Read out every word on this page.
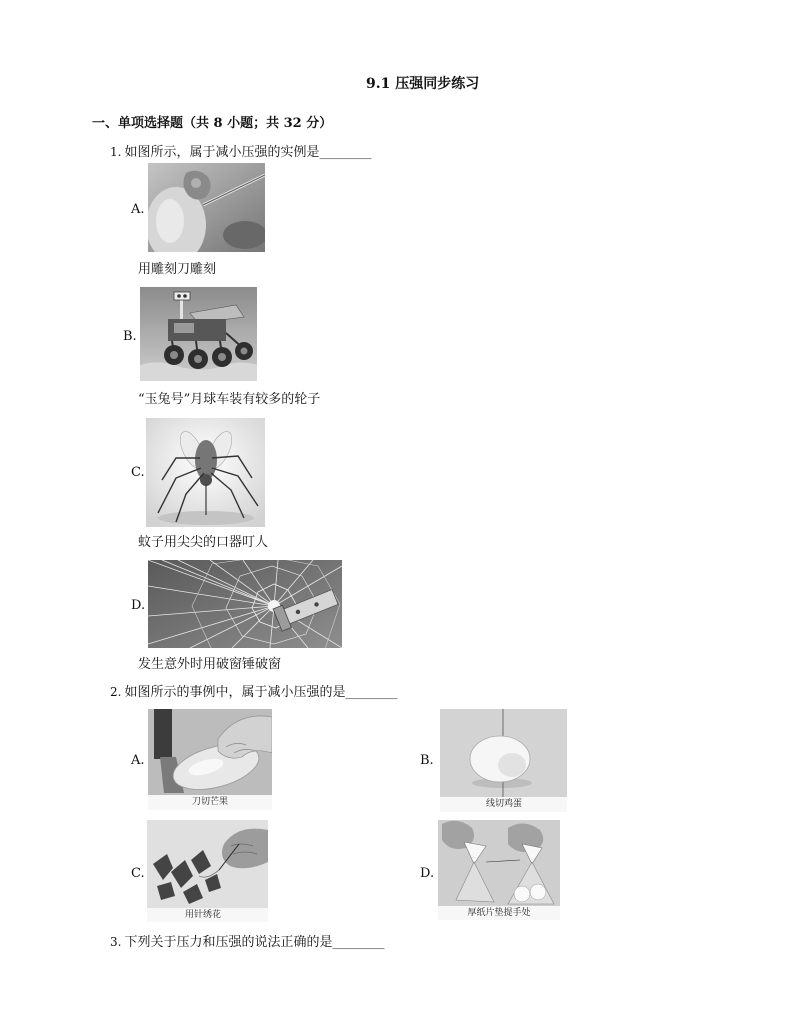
9.1 压强同步练习
一、单项选择题（共 8 小题；共 32 分）
1. 如图所示，属于减小压强的实例是________
A.
用雕刻刀雕刻
B.
“玉兔号”月球车装有较多的轮子
C.
蚊子用尖尖的口器叮人
D.
发生意外时用破窗锤破窗
2. 如图所示的事例中，属于减小压强的是________
A.
刀切芒果
B.
线切鸡蛋
C.
用针绣花
D.
厚纸片垫提手处
3. 下列关于压力和压强的说法正确的是________
